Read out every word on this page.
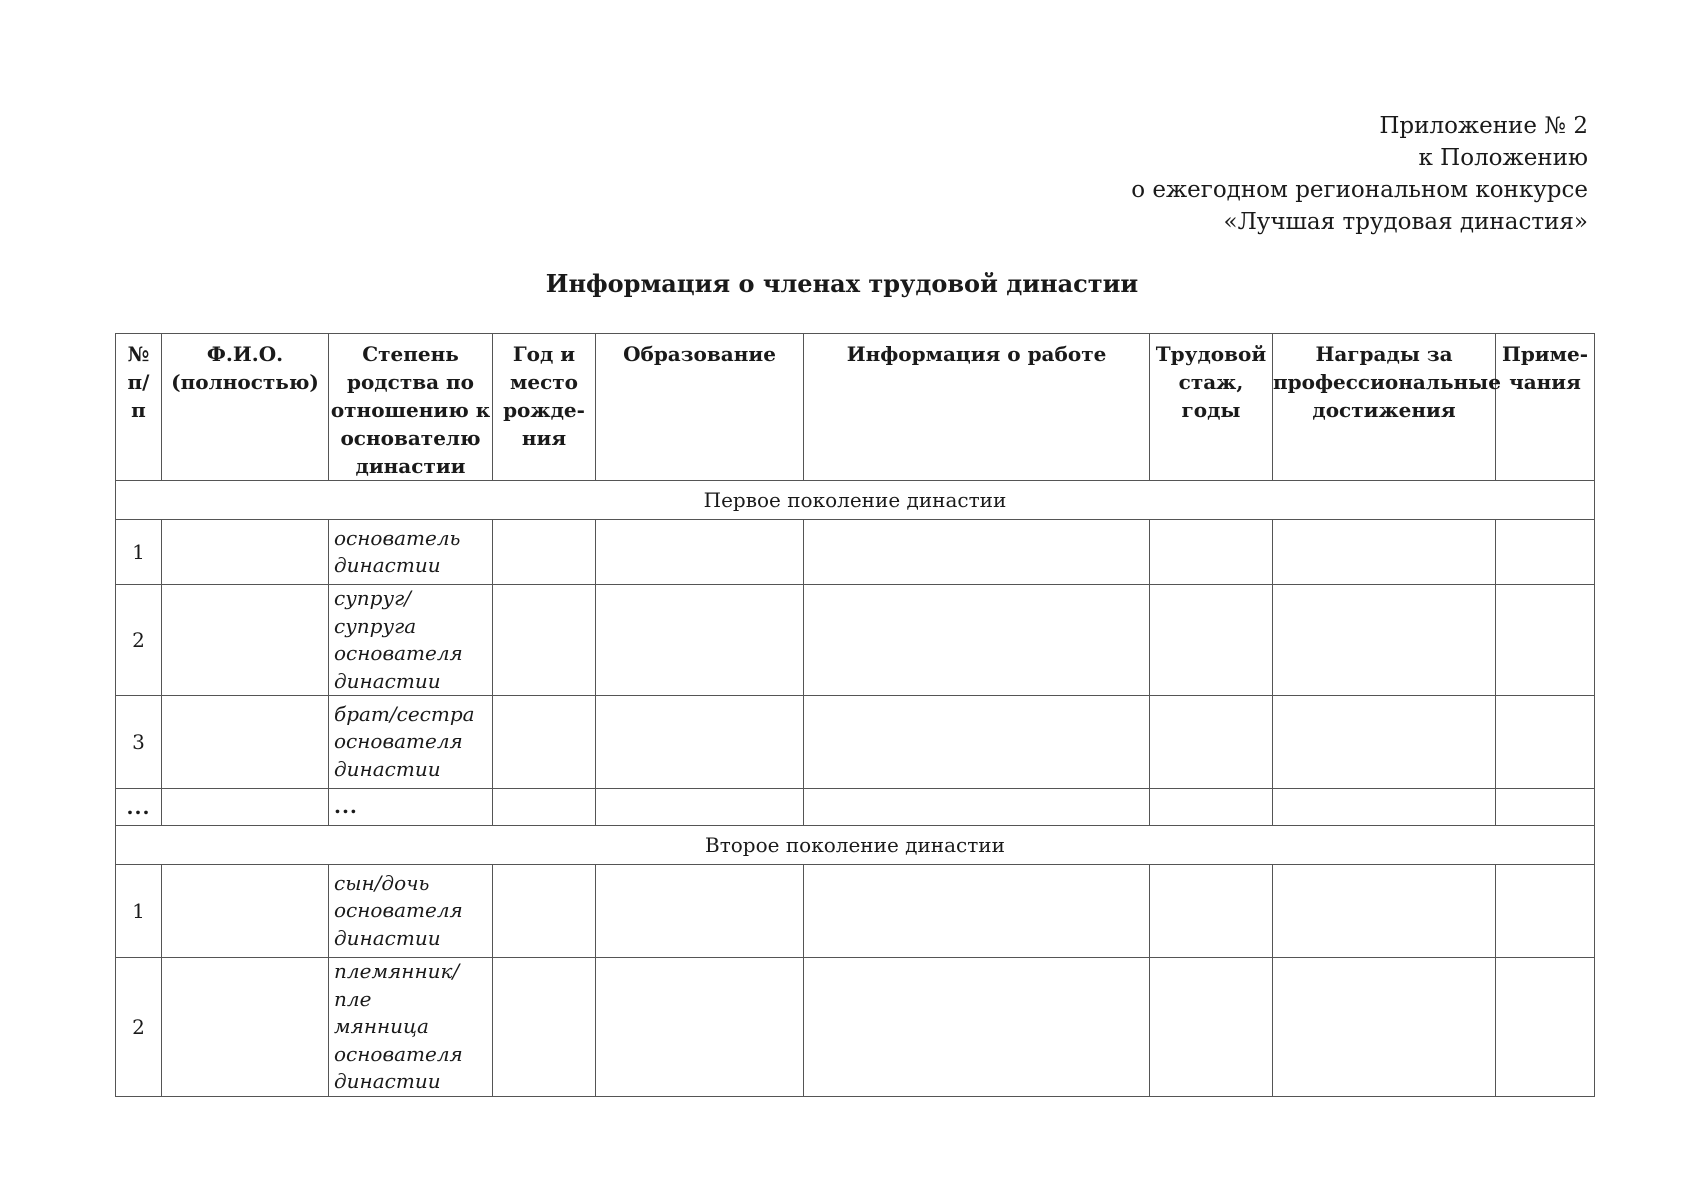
Приложение № 2
к Положению
о ежегодном региональном конкурсе
«Лучшая трудовая династия»
Информация о членах трудовой династии
№
п/
п	Ф.И.О.
(полностью)	Степень
родства по
отношению к
основателю
династии	Год и
место
рожде-
ния	Образование	Информация о работе	Трудовой
стаж,
годы	Награды за
профессиональные
достижения	Приме-
чания

Первое поколение династии								
1		основатель
династии						

2		супруг/супруга
основателя
династии						

3		брат/сестра
основателя
династии						

...		...						

Второе поколение династии								
1		сын/дочь
основателя
династии						

2		племянник/пле
мянница
основателя
династии						
